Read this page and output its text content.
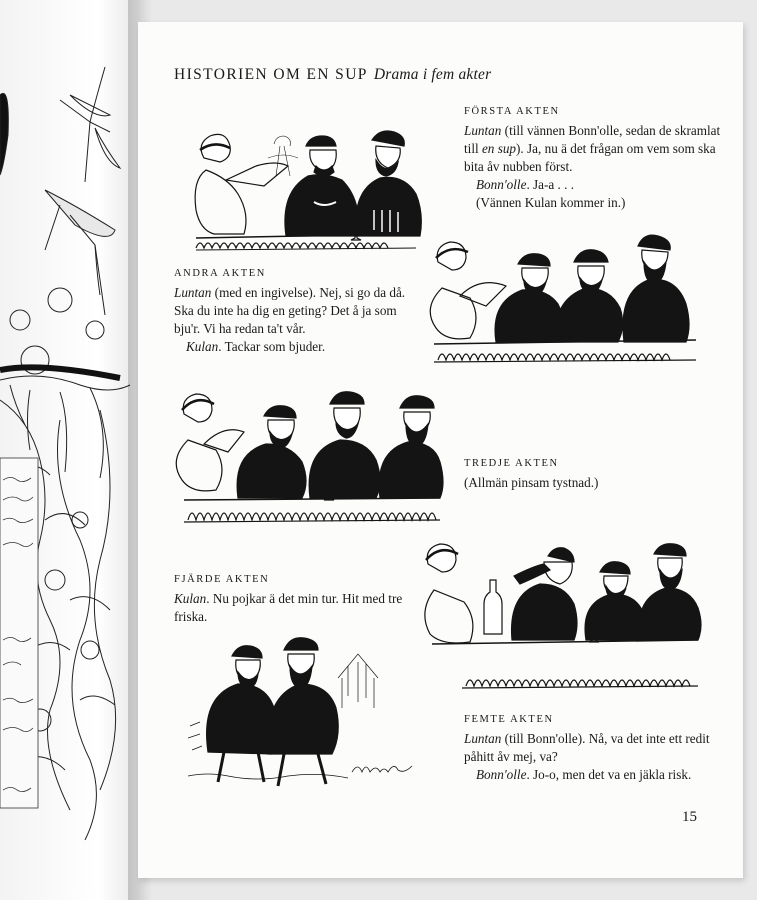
HISTORIEN OM EN SUP Drama i fem akter
FÖRSTA AKTEN

Luntan (till vännen Bonn'olle, sedan de skramlat till en sup). Ja, nu ä det frågan om vem som ska bita åv nubben först.

Bonn'olle. Ja-a . . .

(Vännen Kulan kommer in.)

ANDRA AKTEN

Luntan (med en ingivelse). Nej, si go da då. Ska du inte ha dig en geting? Det å ja som bju'r. Vi ha redan ta't vår.

Kulan. Tackar som bjuder.

TREDJE AKTEN

(Allmän pinsam tystnad.)

FJÄRDE AKTEN

Kulan. Nu pojkar ä det min tur. Hit med tre friska.

FEMTE AKTEN

Luntan (till Bonn'olle). Nå, va det inte ett redit påhitt åv mej, va?

Bonn'olle. Jo-o, men det va en jäkla risk.

15
